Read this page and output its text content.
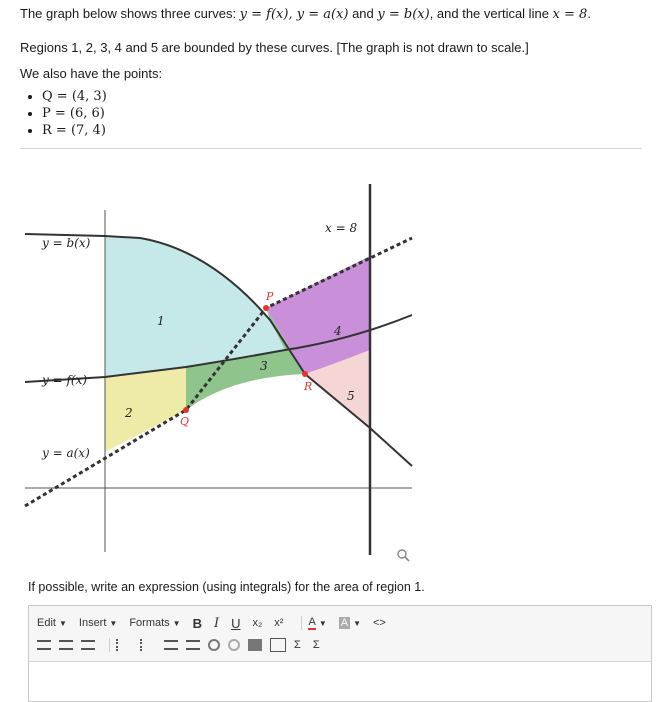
The graph below shows three curves: y = f(x), y = a(x) and y = b(x), and the vertical line x = 8.
Regions 1, 2, 3, 4 and 5 are bounded by these curves. [The graph is not drawn to scale.]
We also have the points:
• Q = (4, 3)
• P = (6, 6)
• R = (7, 4)
y = b(x)
y = f(x)
y = a(x)
x = 8
1
2
3
4
5
P
Q
R
If possible, write an expression (using integrals) for the area of region 1.
Edit ▼ Insert ▼ Formats ▼ B I U x₂ x² A ▼ A ▼ <>
Σ Σ
